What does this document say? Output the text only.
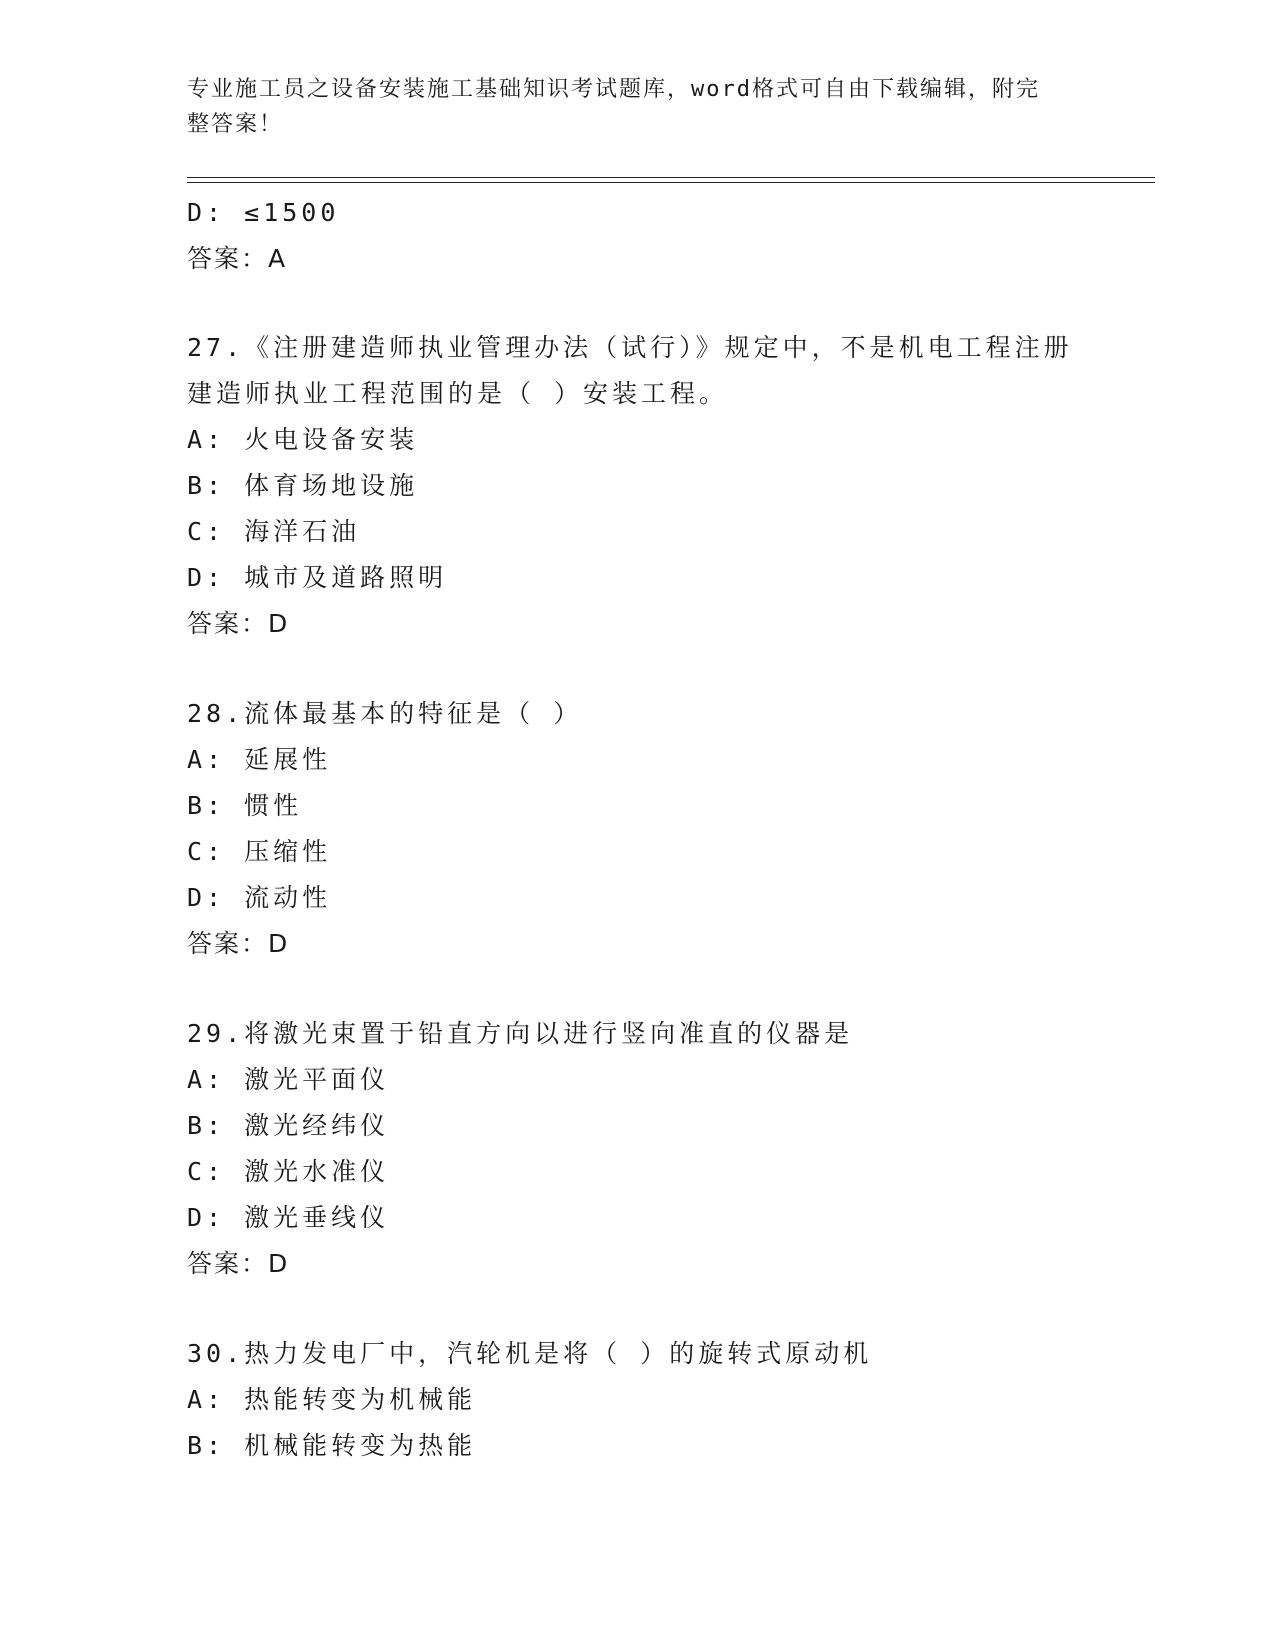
专业施工员之设备安装施工基础知识考试题库，word格式可自由下载编辑，附完
整答案！
D: ≤1500
答案：A
27.《注册建造师执业管理办法（试行）》规定中，不是机电工程注册
建造师执业工程范围的是（ ）安装工程。
A: 火电设备安装
B: 体育场地设施
C: 海洋石油
D: 城市及道路照明
答案：D
28.流体最基本的特征是（ ）
A: 延展性
B: 惯性
C: 压缩性
D: 流动性
答案：D
29.将激光束置于铅直方向以进行竖向准直的仪器是
A: 激光平面仪
B: 激光经纬仪
C: 激光水准仪
D: 激光垂线仪
答案：D
30.热力发电厂中，汽轮机是将（ ）的旋转式原动机
A: 热能转变为机械能
B: 机械能转变为热能
